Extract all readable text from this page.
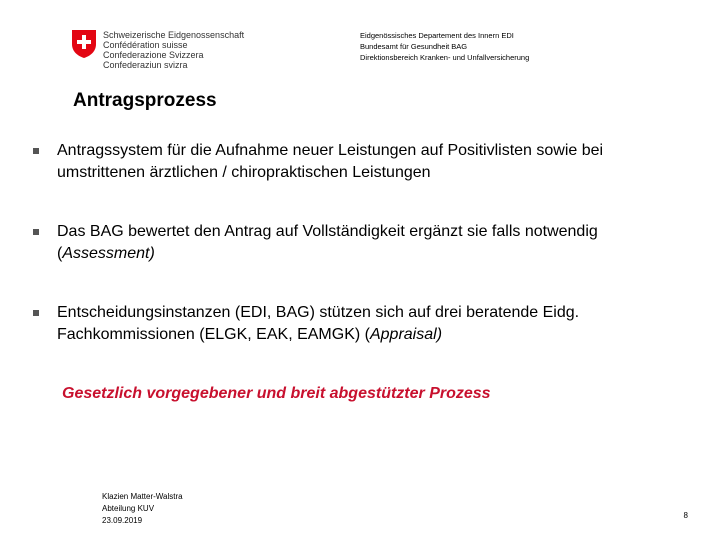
Schweizerische Eidgenossenschaft
Confédération suisse
Confederazione Svizzera
Confederaziun svizra
Eidgenössisches Departement des Innern EDI
Bundesamt für Gesundheit BAG
Direktionsbereich Kranken- und Unfallversicherung
Antragsprozess
Antragssystem für die Aufnahme neuer Leistungen auf Positivlisten sowie bei umstrittenen ärztlichen / chiropraktischen Leistungen
Das BAG bewertet den Antrag auf Vollständigkeit ergänzt sie falls notwendig (Assessment)
Entscheidungsinstanzen (EDI, BAG) stützen sich auf drei beratende Eidg. Fachkommissionen (ELGK, EAK, EAMGK) (Appraisal)
Gesetzlich vorgegebener und breit abgestützter Prozess
Klazien Matter-Walstra
Abteilung KUV
23.09.2019
8
